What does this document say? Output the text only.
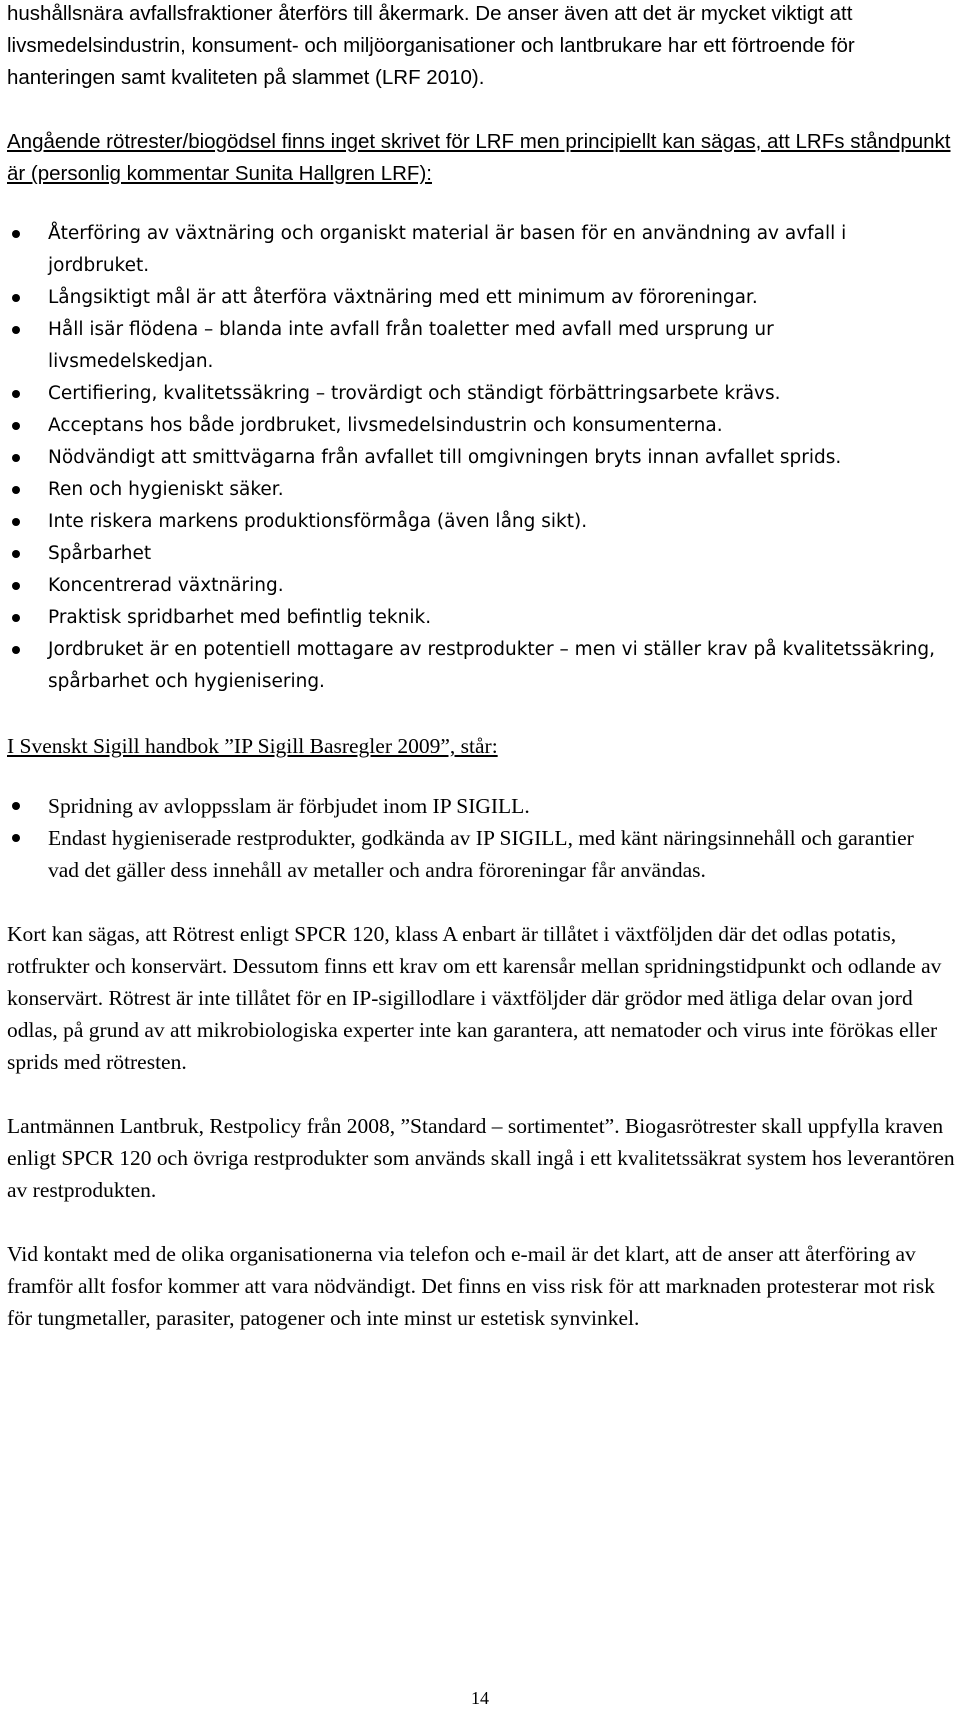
hushållsnära avfallsfraktioner återförs till åkermark. De anser även att det är mycket viktigt att livsmedelsindustrin, konsument- och miljöorganisationer och lantbrukare har ett förtroende för hanteringen samt kvaliteten på slammet (LRF 2010).

Angående rötrester/biogödsel finns inget skrivet för LRF men principiellt kan sägas, att LRFs ståndpunkt är (personlig kommentar Sunita Hallgren LRF):

Återföring av växtnäring och organiskt material är basen för en användning av avfall i jordbruket.
Långsiktigt mål är att återföra växtnäring med ett minimum av föroreningar.
Håll isär flödena – blanda inte avfall från toaletter med avfall med ursprung ur livsmedelskedjan.
Certifiering, kvalitetssäkring – trovärdigt och ständigt förbättringsarbete krävs.
Acceptans hos både jordbruket, livsmedelsindustrin och konsumenterna.
Nödvändigt att smittvägarna från avfallet till omgivningen bryts innan avfallet sprids.
Ren och hygieniskt säker.
Inte riskera markens produktionsförmåga (även lång sikt).
Spårbarhet
Koncentrerad växtnäring.
Praktisk spridbarhet med befintlig teknik.
Jordbruket är en potentiell mottagare av restprodukter – men vi ställer krav på kvalitetssäkring, spårbarhet och hygienisering.

I Svenskt Sigill handbok ”IP Sigill Basregler 2009”, står:

Spridning av avloppsslam är förbjudet inom IP SIGILL.
Endast hygieniserade restprodukter, godkända av IP SIGILL, med känt näringsinnehåll och garantier vad det gäller dess innehåll av metaller och andra föroreningar får användas.

Kort kan sägas, att Rötrest enligt SPCR 120, klass A enbart är tillåtet i växtföljden där det odlas potatis, rotfrukter och konservärt. Dessutom finns ett krav om ett karensår mellan spridningstidpunkt och odlande av konservärt. Rötrest är inte tillåtet för en IP-sigillodlare i växtföljder där grödor med ätliga delar ovan jord odlas, på grund av att mikrobiologiska experter inte kan garantera, att nematoder och virus inte förökas eller sprids med rötresten.

Lantmännen Lantbruk, Restpolicy från 2008, ”Standard – sortimentet”. Biogasrötrester skall uppfylla kraven enligt SPCR 120 och övriga restprodukter som används skall ingå i ett kvalitetssäkrat system hos leverantören av restprodukten.

Vid kontakt med de olika organisationerna via telefon och e-mail är det klart, att de anser att återföring av framför allt fosfor kommer att vara nödvändigt. Det finns en viss risk för att marknaden protesterar mot risk för tungmetaller, parasiter, patogener och inte minst ur estetisk synvinkel.

14
